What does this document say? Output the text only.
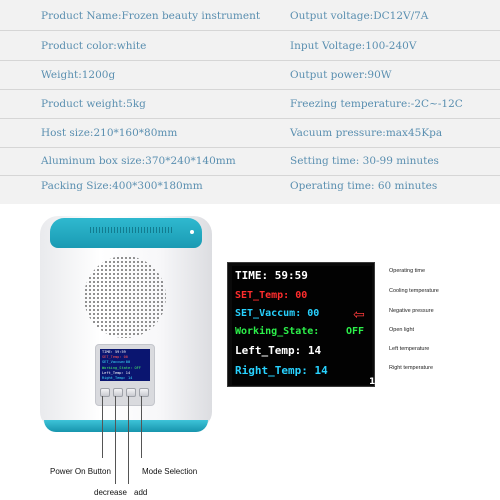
Product Name:Frozen beauty instrument	Output voltage:DC12V/7A
Product color:white	Input Voltage:100-240V
Weight:1200g	Output power:90W
Product weight:5kg	Freezing temperature:-2C~-12C
Host size:210*160*80mm	Vacuum pressure:max45Kpa
Aluminum box size:370*240*140mm	Setting time: 30-99 minutes
Packing Size:400*300*180mm	Operating time: 60 minutes
TIME: 59:59
SET_Temp: 00
SET_Vaccum:00
Working_State: OFF
Left_Temp: 14
Right_Temp: 14
Power On Button	Mode Selection
decrease add
TIME: 59:59
SET_Temp: 00
SET_Vaccum: 00
Working_State:	OFF
Left_Temp: 14
Right_Temp: 14
⇦
1
Operating time
Cooling temperature
Negative pressure
Open light
Left temperature
Right temperature
